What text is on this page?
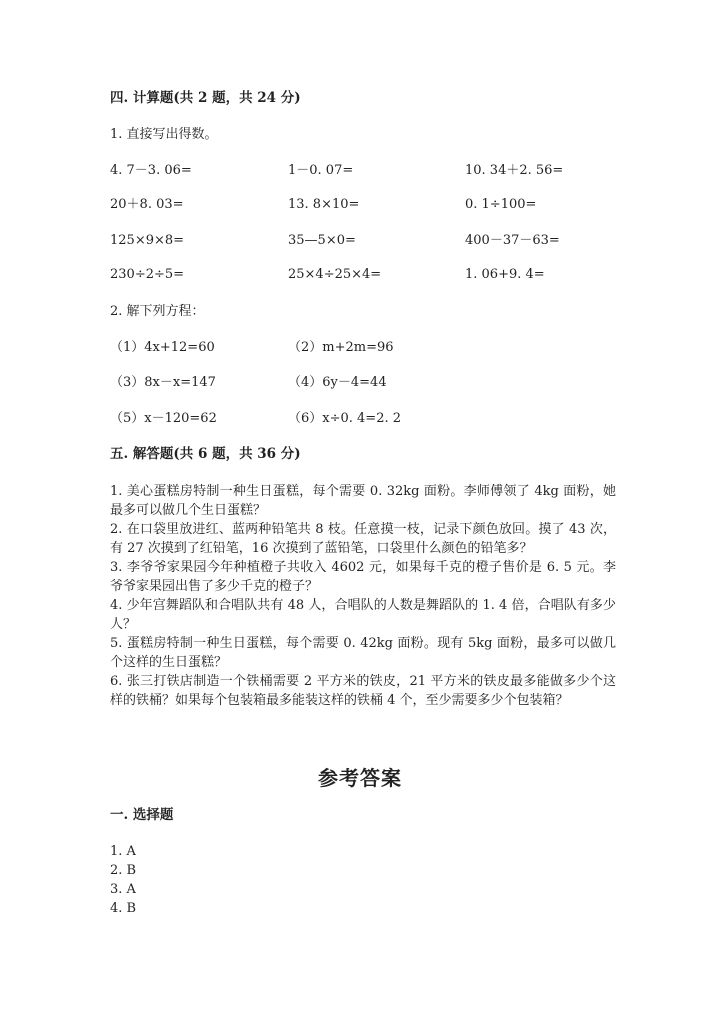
四. 计算题(共 2 题，共 24 分)
1. 直接写出得数。
4. 7－3. 06=	1－0. 07=	10. 34＋2. 56=
20＋8. 03=	13. 8×10=	0. 1÷100=
125×9×8=	35—5×0=	400－37－63=
230÷2÷5=	25×4÷25×4=	1. 06+9. 4=
2. 解下列方程：
（1）4x+12=60	（2）m+2m=96
（3）8x－x=147	（4）6y－4=44
（5）x－120=62	（6）x÷0. 4=2. 2
五. 解答题(共 6 题，共 36 分)

1. 美心蛋糕房特制一种生日蛋糕，每个需要 0. 32kg 面粉。李师傅领了 4kg 面粉，她最多可以做几个生日蛋糕？

2. 在口袋里放进红、蓝两种铅笔共 8 枝。任意摸一枝，记录下颜色放回。摸了 43 次，有 27 次摸到了红铅笔，16 次摸到了蓝铅笔，口袋里什么颜色的铅笔多？

3. 李爷爷家果园今年种植橙子共收入 4602 元，如果每千克的橙子售价是 6. 5 元。李爷爷家果园出售了多少千克的橙子？

4. 少年宫舞蹈队和合唱队共有 48 人，合唱队的人数是舞蹈队的 1. 4 倍，合唱队有多少人？

5. 蛋糕房特制一种生日蛋糕，每个需要 0. 42kg 面粉。现有 5kg 面粉，最多可以做几个这样的生日蛋糕？

6. 张三打铁店制造一个铁桶需要 2 平方米的铁皮，21 平方米的铁皮最多能做多少个这样的铁桶？如果每个包装箱最多能装这样的铁桶 4 个，至少需要多少个包装箱？

参考答案
一. 选择题
1. A
2. B
3. A
4. B
